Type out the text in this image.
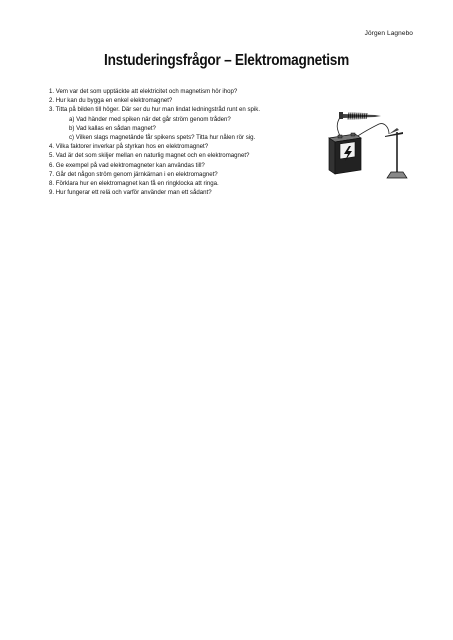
Jörgen Lagnebo
Instuderingsfrågor – Elektromagnetism
1. Vem var det som upptäckte att elektricitet och magnetism hör ihop?
2. Hur kan du bygga en enkel elektromagnet?
3. Titta på bilden till höger. Där ser du hur man lindat ledningstråd runt en spik.
a) Vad händer med spiken när det går ström genom tråden?
b) Vad kallas en sådan magnet?
c) Vilken slags magnetände får spikens spets? Titta hur nålen rör sig.
4. Vilka faktorer inverkar på styrkan hos en elektromagnet?
5. Vad är det som skiljer mellan en naturlig magnet och en elektromagnet?
6. Ge exempel på vad elektromagneter kan användas till?
7. Går det någon ström genom järnkärnan i en elektromagnet?
8. Förklara hur en elektromagnet kan få en ringklocka att ringa.
9. Hur fungerar ett relä och varför använder man ett sådant?
